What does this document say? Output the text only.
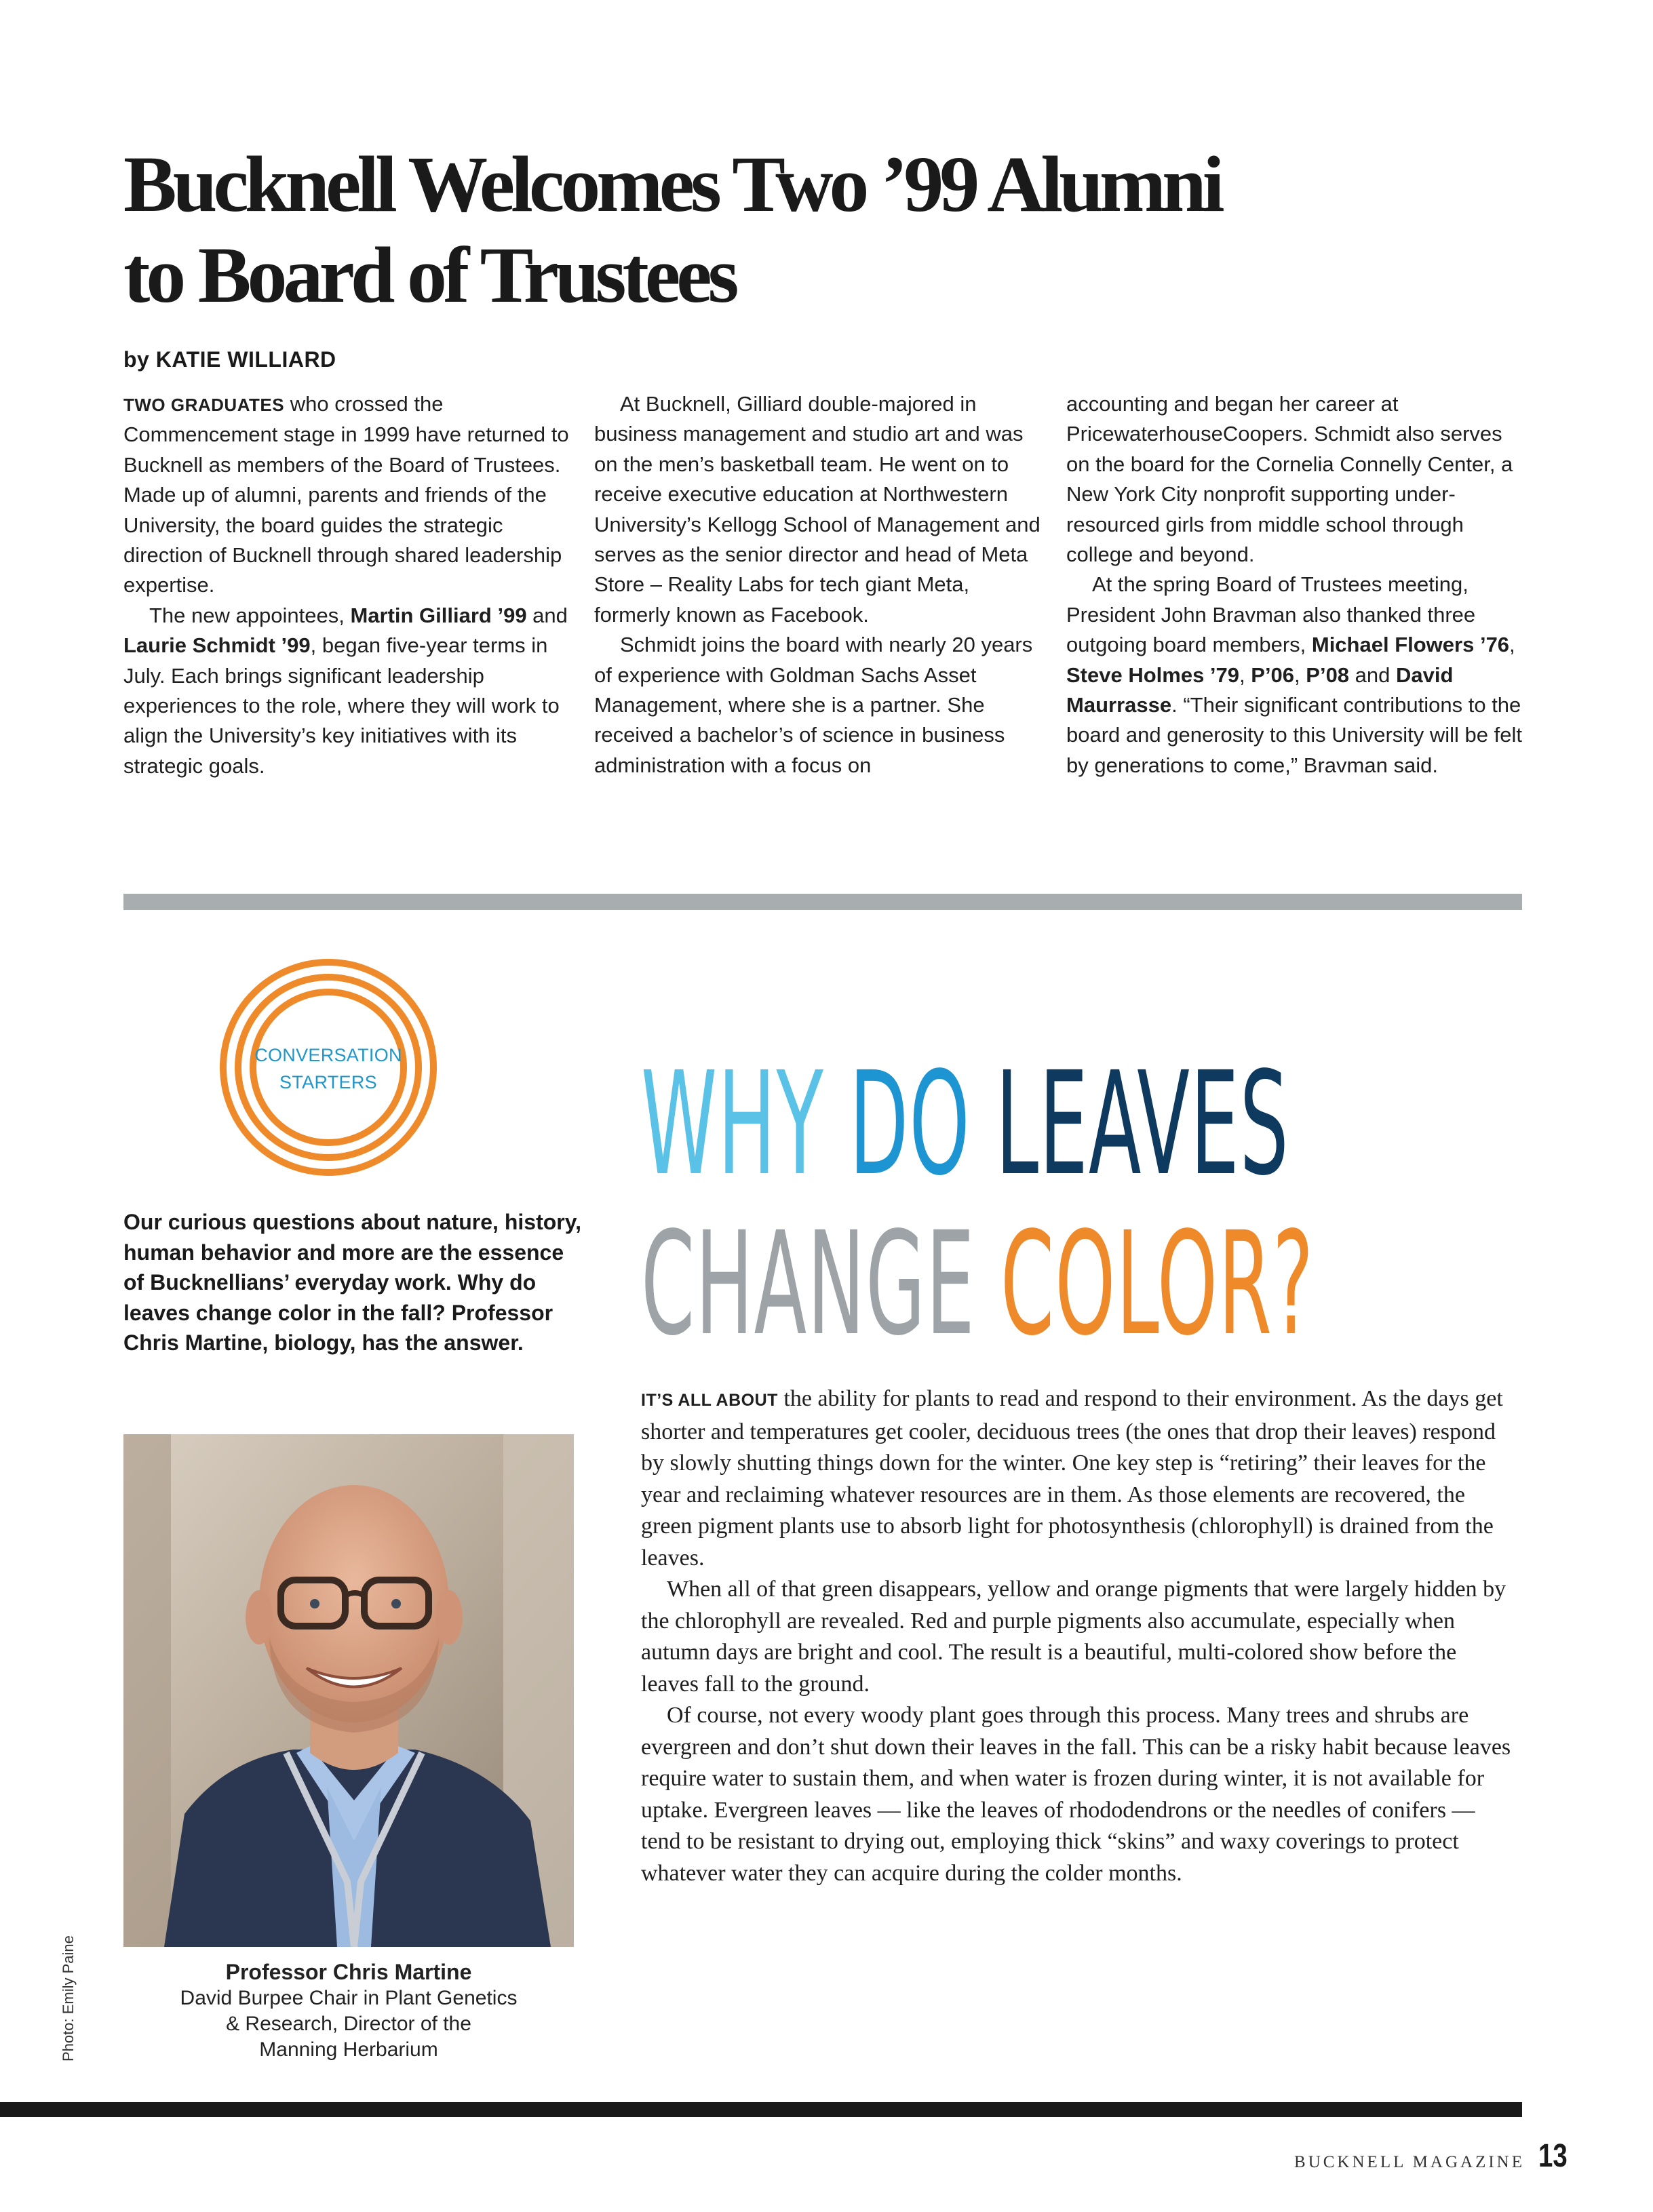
Bucknell Welcomes Two ’99 Alumni
to Board of Trustees

by KATIE WILLIARD

TWO GRADUATES who crossed the Commencement stage in 1999 have returned to Bucknell as members of the Board of Trustees. Made up of alumni, parents and friends of the University, the board guides the strategic direction of Bucknell through shared leadership expertise.

The new appointees, Martin Gilliard ’99 and Laurie Schmidt ’99, began five-year terms in July. Each brings significant leadership experiences to the role, where they will work to align the University’s key initiatives with its strategic goals.

At Bucknell, Gilliard double-majored in business management and studio art and was on the men’s basketball team. He went on to receive executive education at Northwestern University’s Kellogg School of Management and serves as the senior director and head of Meta Store – Reality Labs for tech giant Meta, formerly known as Facebook.

Schmidt joins the board with nearly 20 years of experience with Goldman Sachs Asset Management, where she is a partner. She received a bachelor’s of science in business administration with a focus on

accounting and began her career at PricewaterhouseCoopers. Schmidt also serves on the board for the Cornelia Connelly Center, a New York City nonprofit supporting under-resourced girls from middle school through college and beyond.

At the spring Board of Trustees meeting, President John Bravman also thanked three outgoing board members, Michael Flowers ’76, Steve Holmes ’79, P’06, P’08 and David Maurrasse. “Their significant contributions to the board and generosity to this University will be felt by generations to come,” Bravman said.

CONVERSATION
STARTERS

Our curious questions about nature, history, human behavior and more are the essence of Bucknellians’ everyday work. Why do leaves change color in the fall? Professor Chris Martine, biology, has the answer.

WHY DO LEAVES
CHANGE COLOR?

IT’S ALL ABOUT the ability for plants to read and respond to their environment. As the days get shorter and temperatures get cooler, deciduous trees (the ones that drop their leaves) respond by slowly shutting things down for the winter. One key step is “retiring” their leaves for the year and reclaiming whatever resources are in them. As those elements are recovered, the green pigment plants use to absorb light for photosynthesis (chlorophyll) is drained from the leaves.

When all of that green disappears, yellow and orange pigments that were largely hidden by the chlorophyll are revealed. Red and purple pigments also accumulate, especially when autumn days are bright and cool. The result is a beautiful, multi-colored show before the leaves fall to the ground.

Of course, not every woody plant goes through this process. Many trees and shrubs are evergreen and don’t shut down their leaves in the fall. This can be a risky habit because leaves require water to sustain them, and when water is frozen during winter, it is not available for uptake. Evergreen leaves — like the leaves of rhododendrons or the needles of conifers — tend to be resistant to drying out, employing thick “skins” and waxy coverings to protect whatever water they can acquire during the colder months.

Photo: Emily Paine	Professor Chris Martine
David Burpee Chair in Plant Genetics
& Research, Director of the
Manning Herbarium
BUCKNELL MAGAZINE 13
